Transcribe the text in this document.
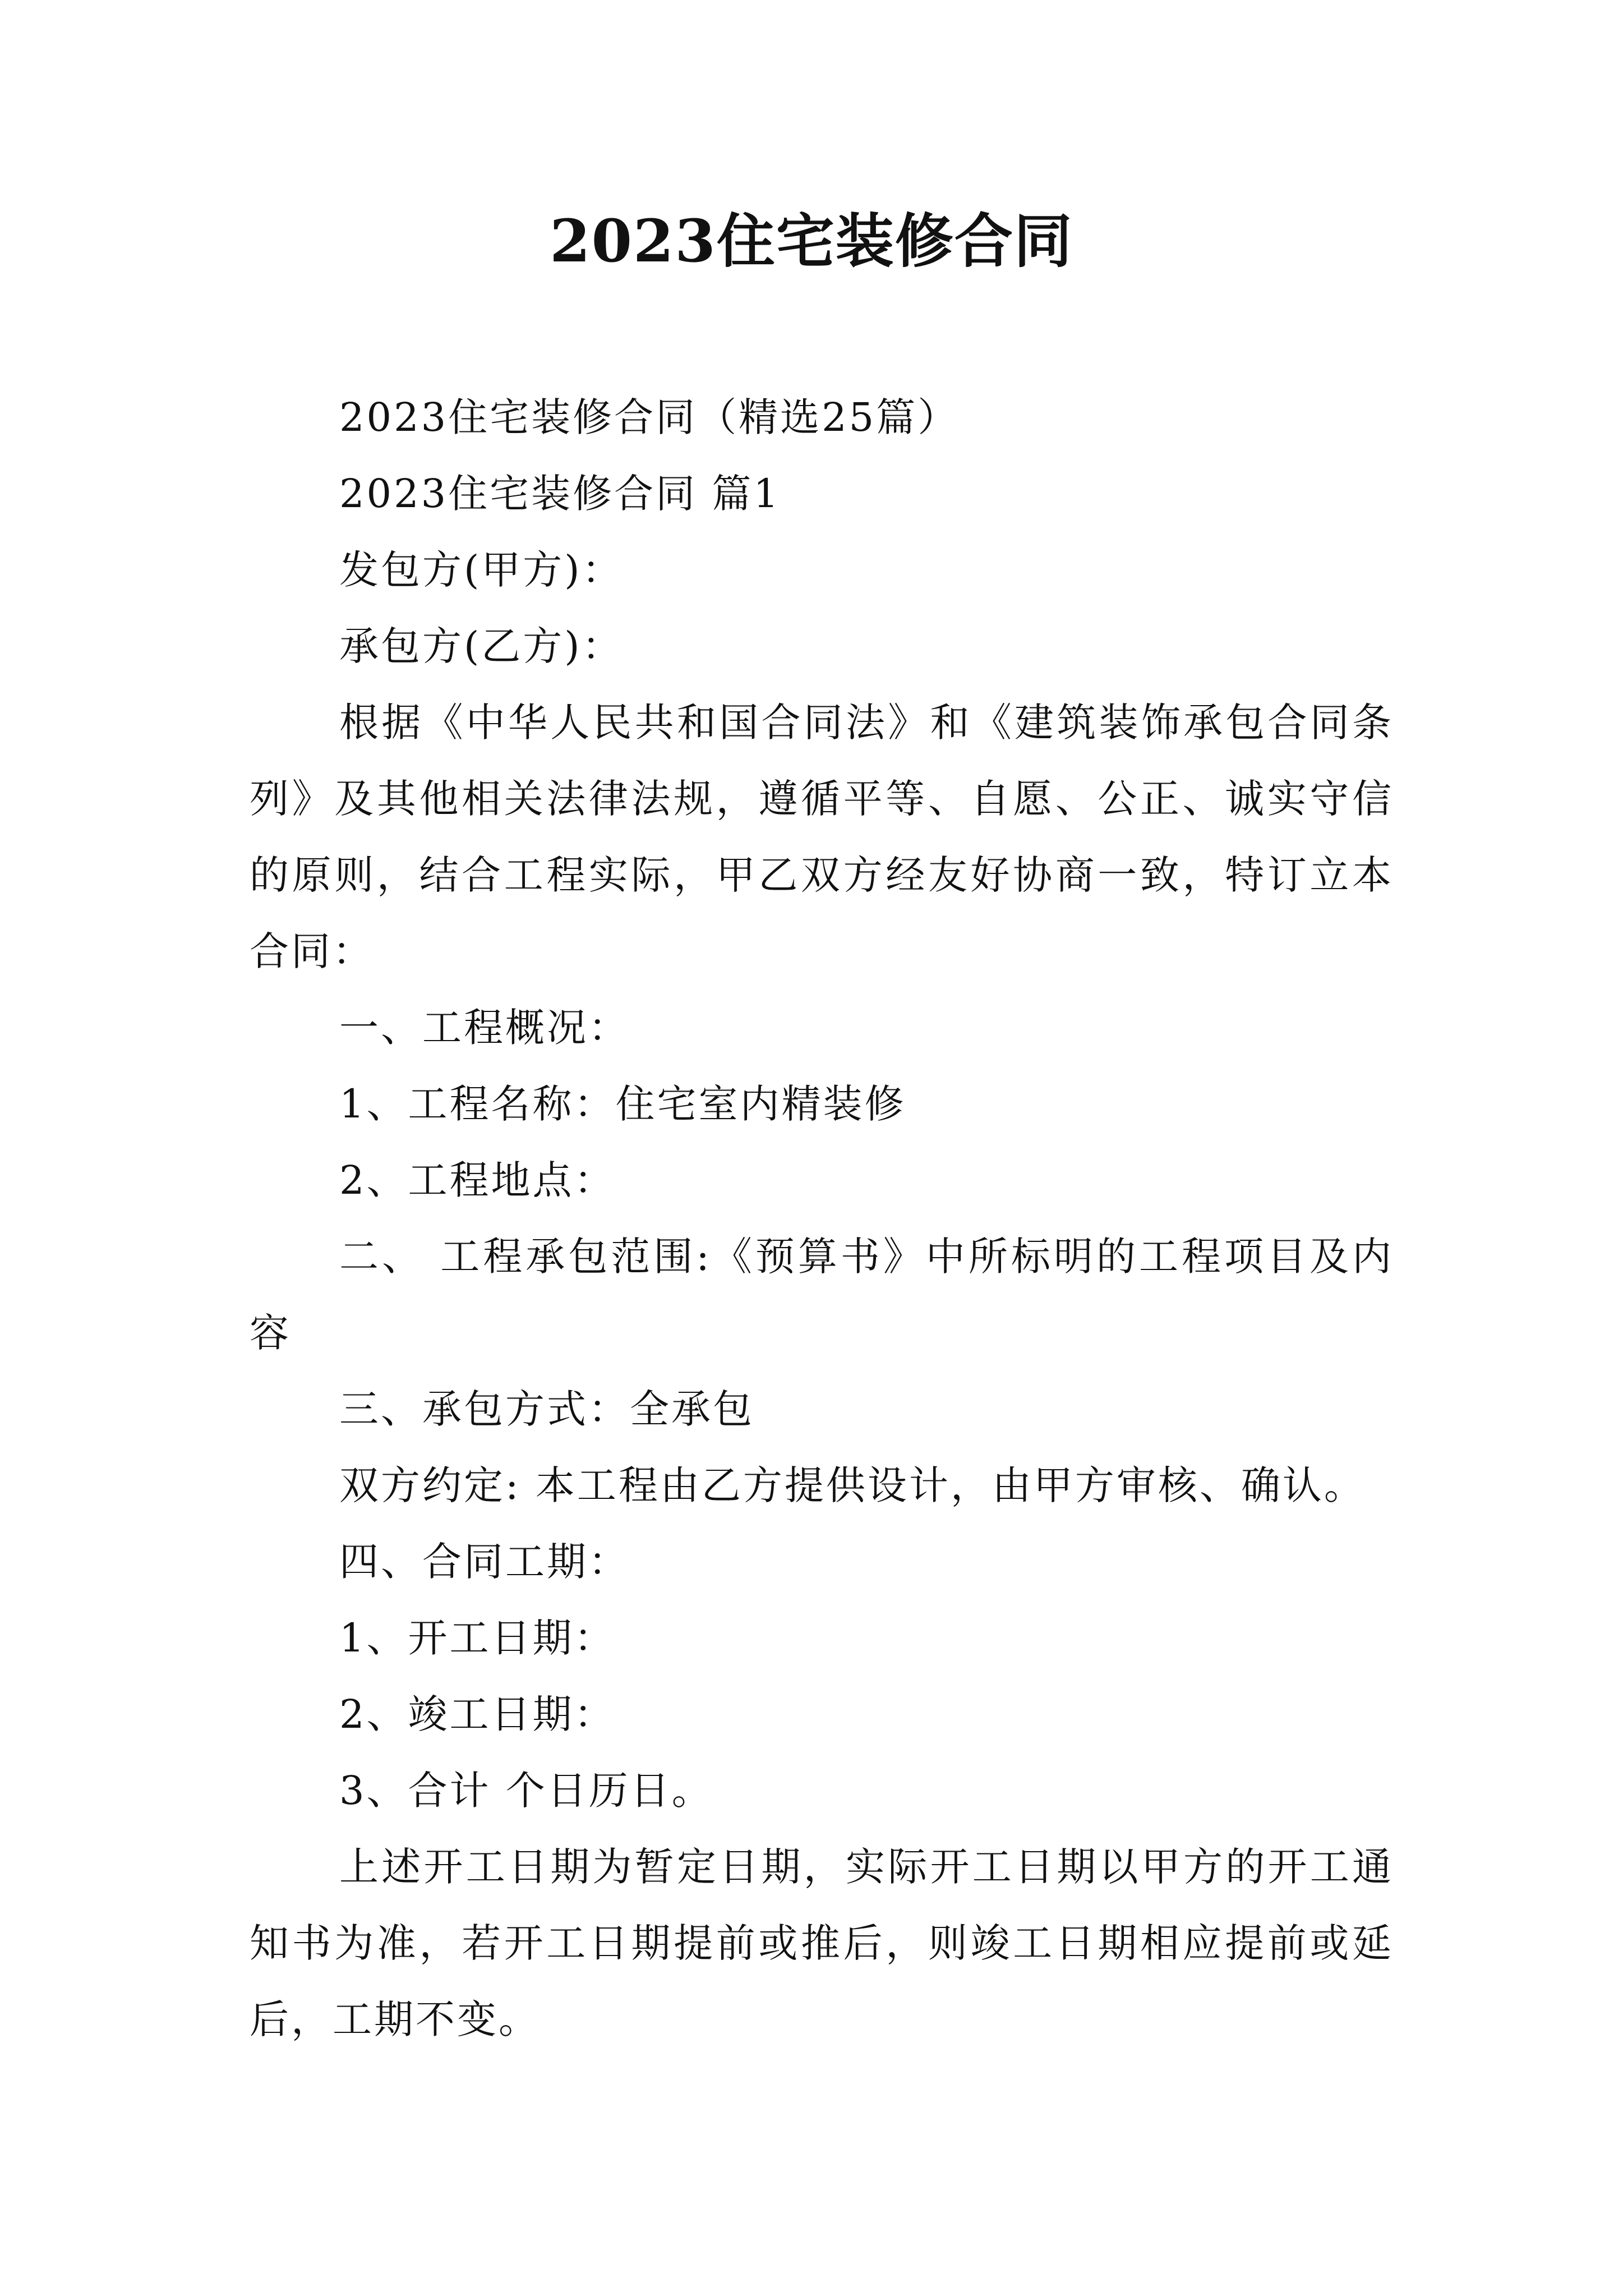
2023住宅装修合同

2023住宅装修合同（精选25篇）

2023住宅装修合同 篇1

发包方(甲方)：

承包方(乙方)：

根据《中华人民共和国合同法》和《建筑装饰承包合同条列》及其他相关法律法规，遵循平等、自愿、公正、诚实守信的原则，结合工程实际，甲乙双方经友好协商一致，特订立本合同：

一、工程概况：

1、工程名称：住宅室内精装修

2、工程地点：

二、 工程承包范围:《预算书》中所标明的工程项目及内容

三、承包方式：全承包

双方约定: 本工程由乙方提供设计，由甲方审核、确认。

四、合同工期：

1、开工日期：

2、竣工日期：

3、合计 个日历日。

上述开工日期为暂定日期，实际开工日期以甲方的开工通知书为准，若开工日期提前或推后，则竣工日期相应提前或延后，工期不变。
